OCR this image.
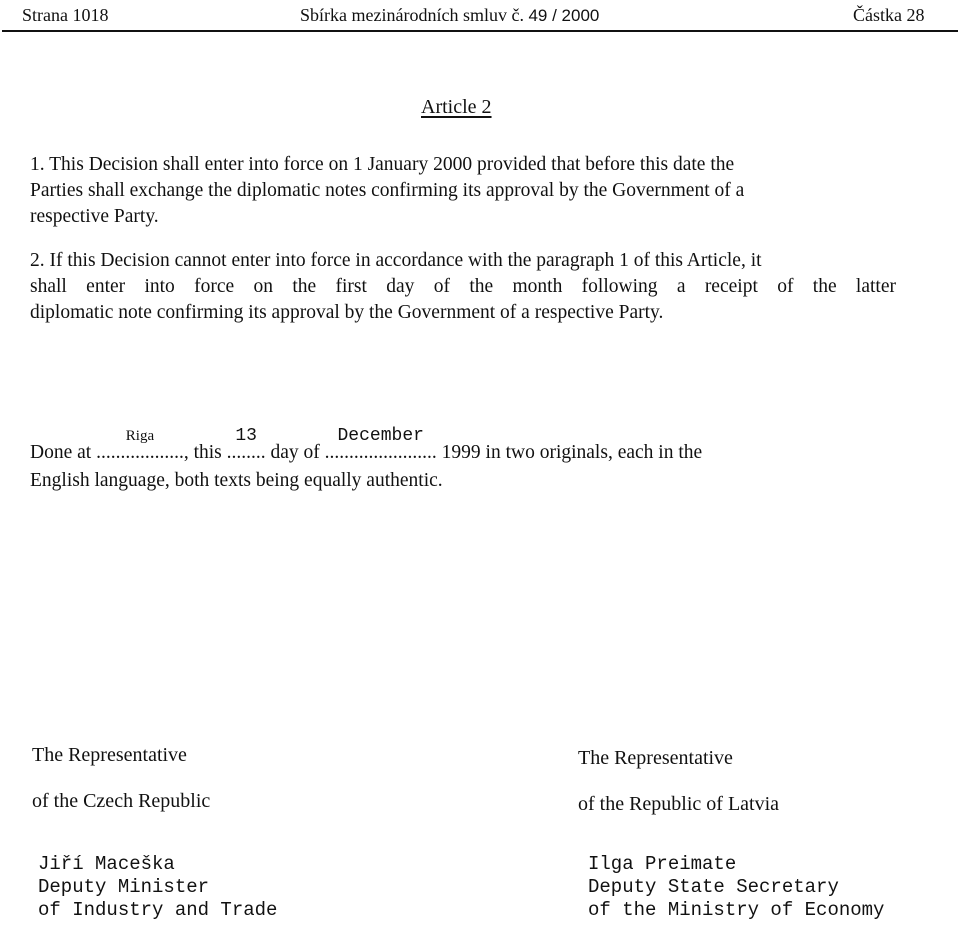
Strana 1018	Sbírka mezinárodních smluv č. 49 / 2000	Částka 28
Article 2
1. This Decision shall enter into force on 1 January 2000 provided that before this date the
Parties shall exchange the diplomatic notes confirming its approval by the Government of a
respective Party.
2. If this Decision cannot enter into force in accordance with the paragraph 1 of this Article, it
shall enter into force on the first day of the month following a receipt of the latter
diplomatic note confirming its approval by the Government of a respective Party.
Done at ..................
Riga
, this ........
13
day of .......................
December
1999 in two originals, each in the
English language, both texts being equally authentic.
The Representative
of the Czech Republic
Jiří Maceška
Deputy Minister
of Industry and Trade
The Representative
of the Republic of Latvia
Ilga Preimate
Deputy State Secretary
of the Ministry of Economy
